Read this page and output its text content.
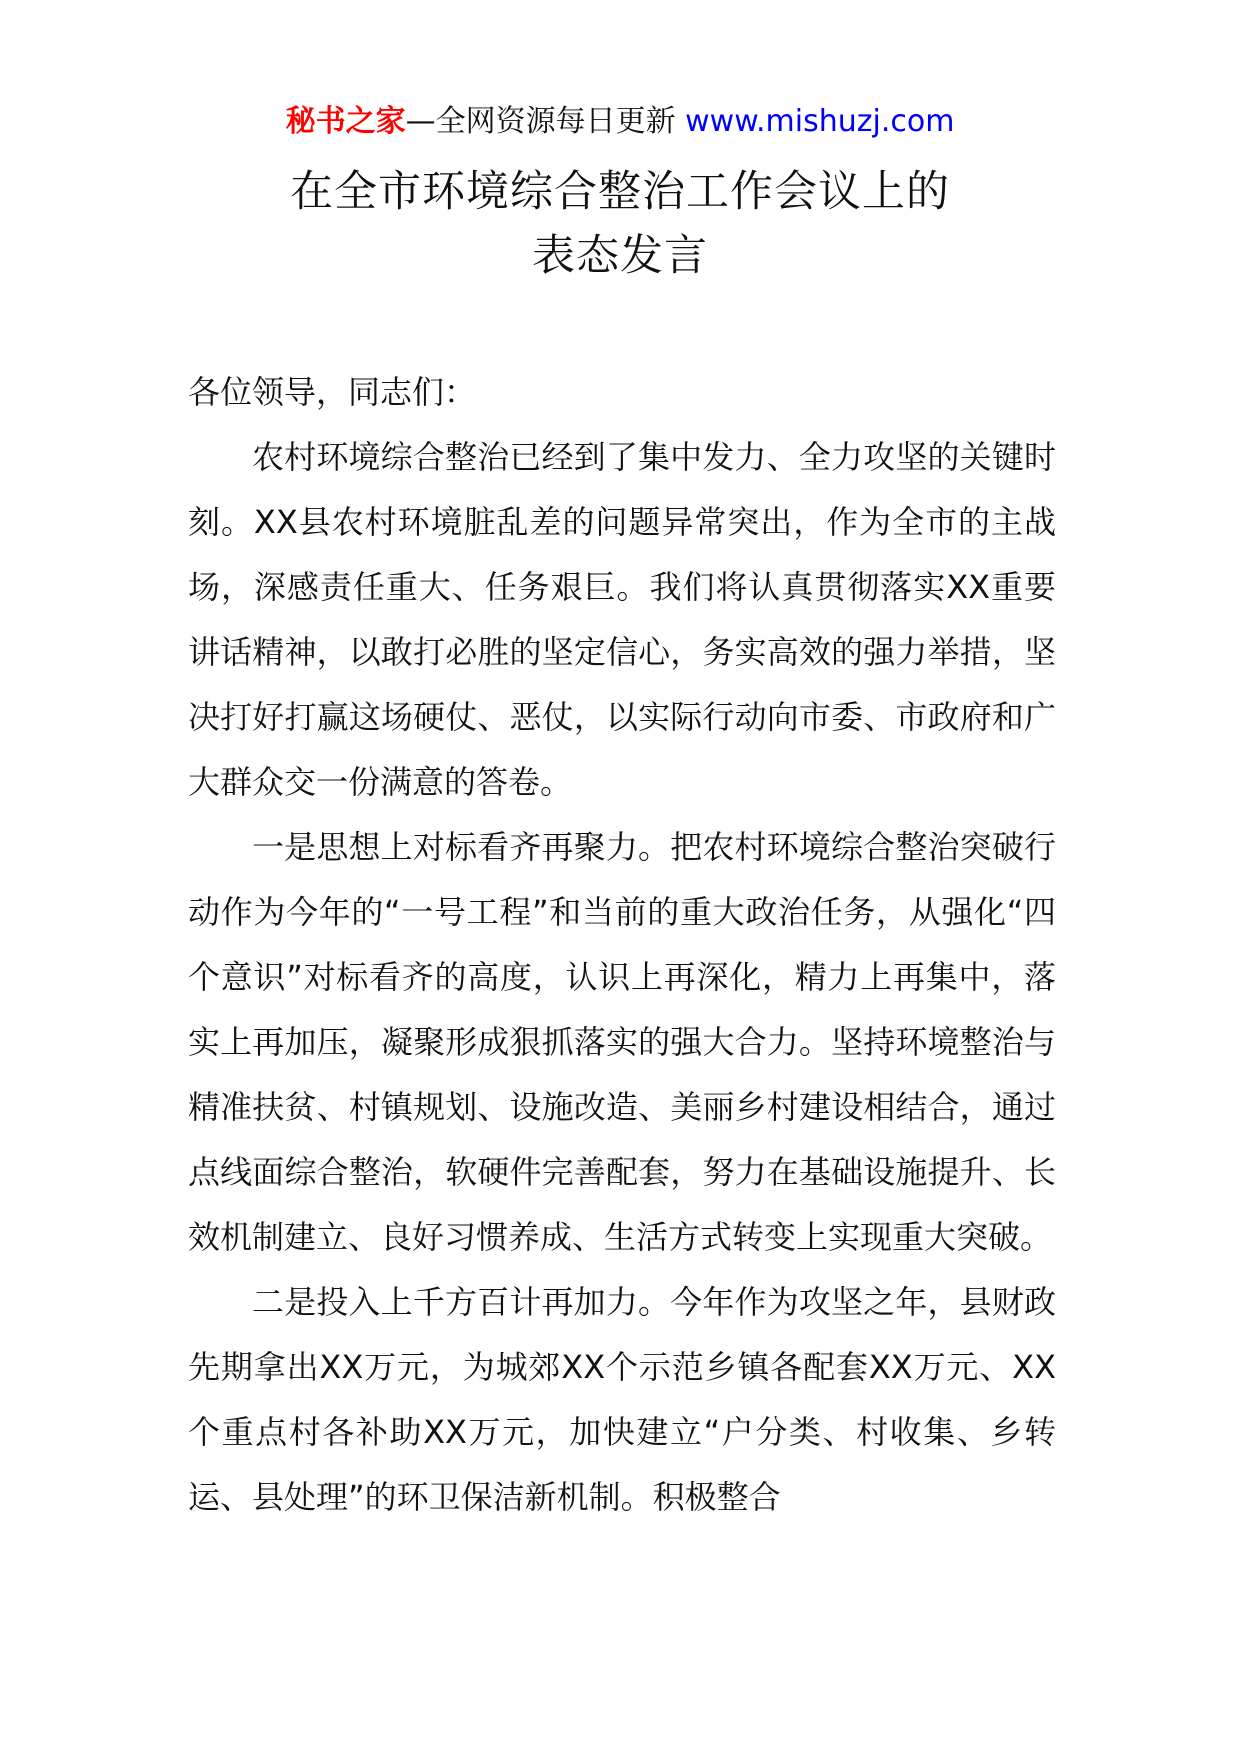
秘书之家—全网资源每日更新 www.mishuzj.com
在全市环境综合整治工作会议上的
表态发言

各位领导，同志们：

农村环境综合整治已经到了集中发力、全力攻坚的关键时刻。XX县农村环境脏乱差的问题异常突出，作为全市的主战场，深感责任重大、任务艰巨。我们将认真贯彻落实XX重要讲话精神，以敢打必胜的坚定信心，务实高效的强力举措，坚决打好打赢这场硬仗、恶仗，以实际行动向市委、市政府和广大群众交一份满意的答卷。

一是思想上对标看齐再聚力。把农村环境综合整治突破行动作为今年的“一号工程”和当前的重大政治任务，从强化“四个意识”对标看齐的高度，认识上再深化，精力上再集中，落实上再加压，凝聚形成狠抓落实的强大合力。坚持环境整治与精准扶贫、村镇规划、设施改造、美丽乡村建设相结合，通过点线面综合整治，软硬件完善配套，努力在基础设施提升、长效机制建立、良好习惯养成、生活方式转变上实现重大突破。

二是投入上千方百计再加力。今年作为攻坚之年，县财政先期拿出XX万元，为城郊XX个示范乡镇各配套XX万元、XX个重点村各补助XX万元，加快建立“户分类、村收集、乡转运、县处理”的环卫保洁新机制。积极整合
